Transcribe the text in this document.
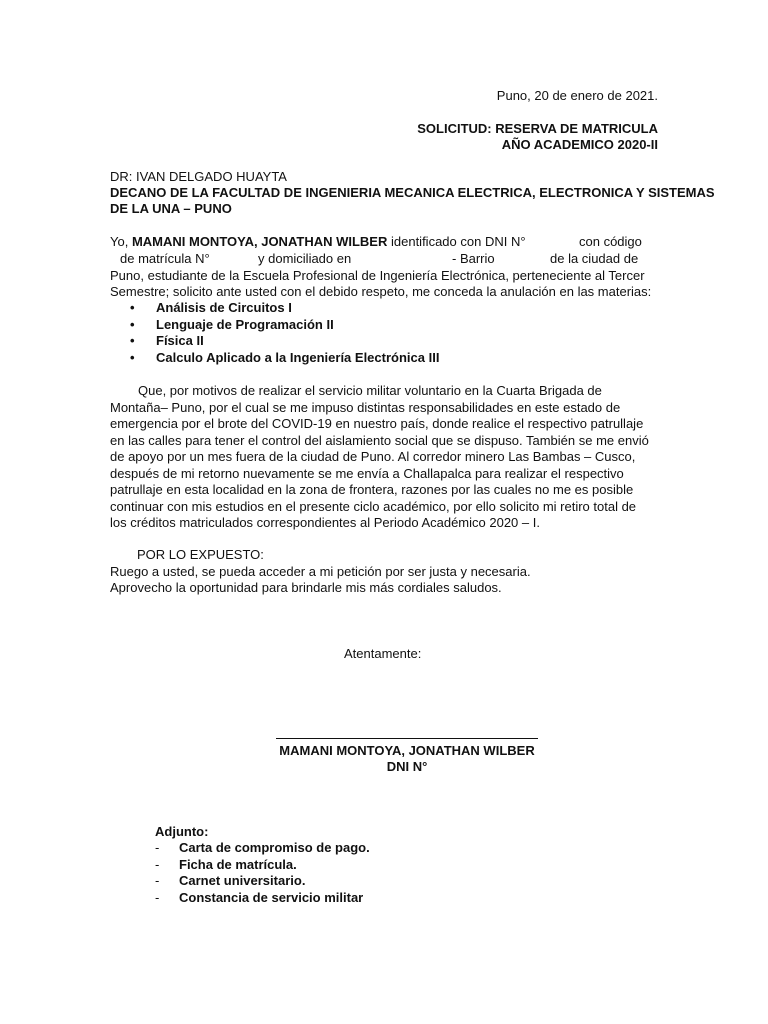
Puno, 20 de enero de 2021.
SOLICITUD: RESERVA DE MATRICULA
AÑO ACADEMICO 2020-II
DR: IVAN DELGADO HUAYTA
DECANO DE LA FACULTAD DE INGENIERIA MECANICA ELECTRICA, ELECTRONICA Y SISTEMAS
DE LA UNA – PUNO
Yo, MAMANI MONTOYA, JONATHAN WILBER identificado con DNI N°	con código
de matrícula N°	y domiciliado en	- Barrio	de la ciudad de
Puno, estudiante de la Escuela Profesional de Ingeniería Electrónica, perteneciente al Tercer
Semestre; solicito ante usted con el debido respeto, me conceda la anulación en las materias:
• Análisis de Circuitos I
• Lenguaje de Programación II
• Física II
• Calculo Aplicado a la Ingeniería Electrónica III
Que, por motivos de realizar el servicio militar voluntario en la Cuarta Brigada de
Montaña– Puno, por el cual se me impuso distintas responsabilidades en este estado de
emergencia por el brote del COVID-19 en nuestro país, donde realice el respectivo patrullaje
en las calles para tener el control del aislamiento social que se dispuso. También se me envió
de apoyo por un mes fuera de la ciudad de Puno. Al corredor minero Las Bambas – Cusco,
después de mi retorno nuevamente se me envía a Challapalca para realizar el respectivo
patrullaje en esta localidad en la zona de frontera, razones por las cuales no me es posible
continuar con mis estudios en el presente ciclo académico, por ello solicito mi retiro total de
los créditos matriculados correspondientes al Periodo Académico 2020 – I.
POR LO EXPUESTO:
Ruego a usted, se pueda acceder a mi petición por ser justa y necesaria.
Aprovecho la oportunidad para brindarle mis más cordiales saludos.
Atentamente:
MAMANI MONTOYA, JONATHAN WILBER
DNI N°
Adjunto:
- Carta de compromiso de pago.
- Ficha de matrícula.
- Carnet universitario.
- Constancia de servicio militar
